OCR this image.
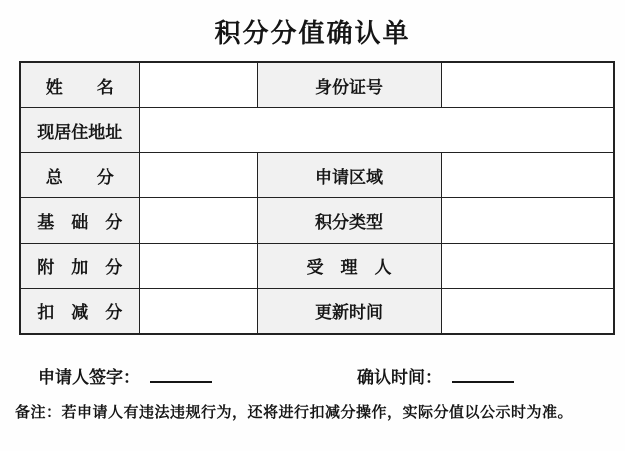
积分分值确认单
姓　　名		身份证号	
现居住地址			
总　　分		申请区域	
基　础　分		积分类型	
附　加　分		受　理　人	
扣　减　分		更新时间	
申请人签字：	确认时间：
备注：若申请人有违法违规行为，还将进行扣减分操作，实际分值以公示时为准。
